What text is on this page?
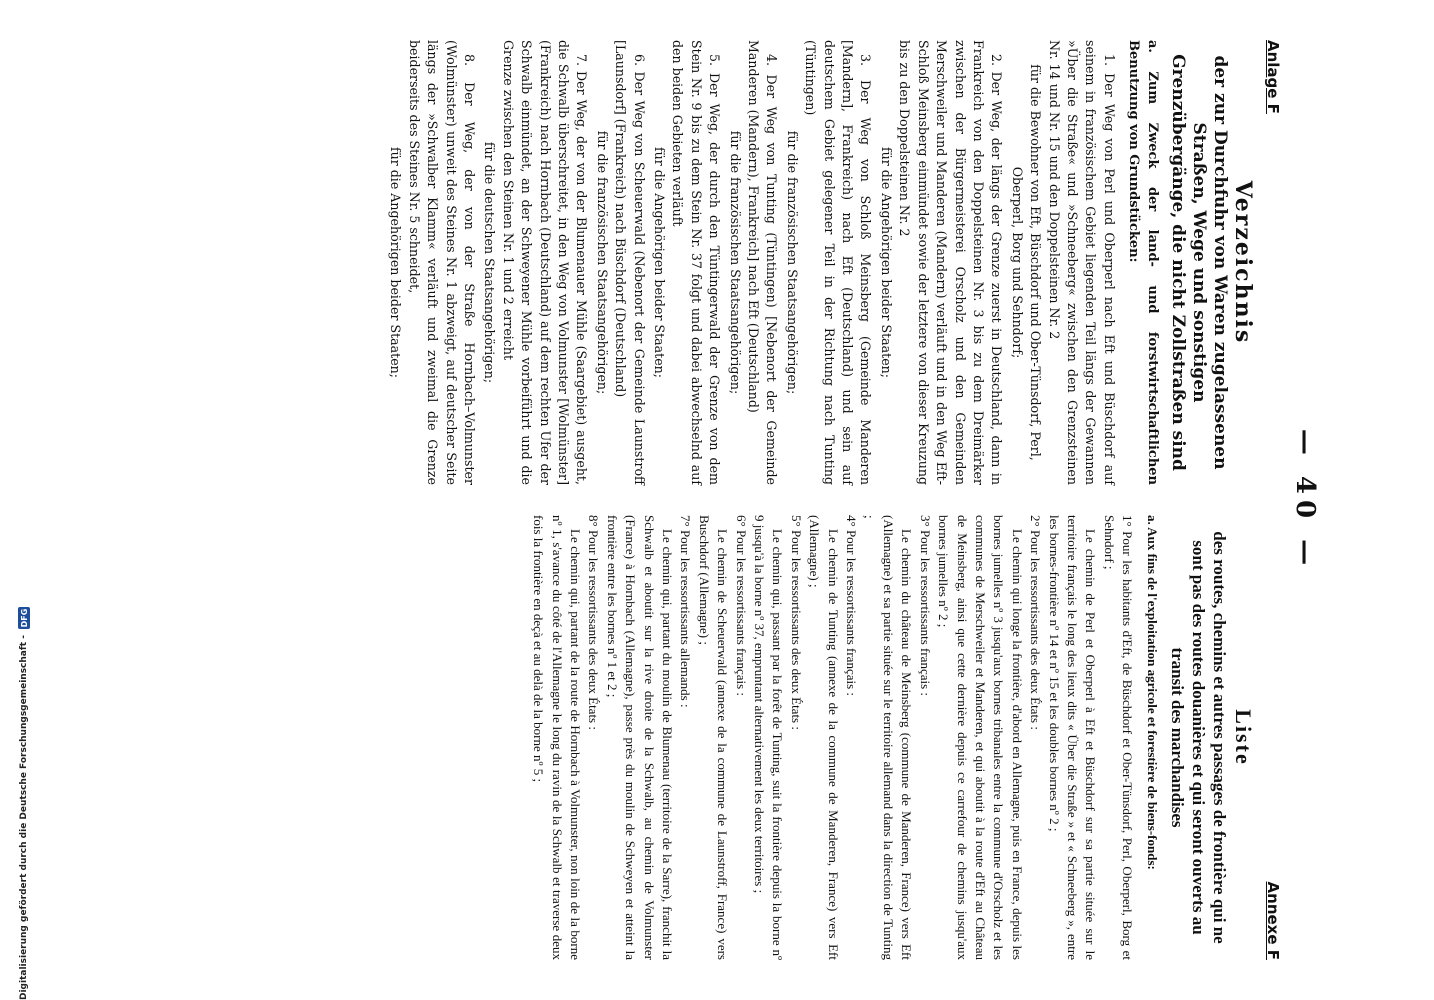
— 40 —
Anlage F
Annexe F
Verzeichnis
der zur Durchfuhr von Waren zugelassenen Straßen, Wege und sonstigen Grenzübergänge, die nicht Zollstraßen sind
a. Zum Zweck der land- und forstwirtschaftlichen Benutzung von Grundstücken:

1. Der Weg von Perl und Oberperl nach Eft und Büschdorf auf seinem in französischem Gebiet liegenden Teil längs der Gewannen »Über die Straße« und »Schneeberg« zwischen den Grenzsteinen Nr. 14 und Nr. 15 und den Doppelsteinen Nr. 2

für die Bewohner von Eft, Büschdorf und Ober-Tünsdorf, Perl, Oberperl, Borg und Sehndorf;

2. Der Weg, der längs der Grenze zuerst in Deutschland, dann in Frankreich von den Doppelsteinen Nr. 3 bis zu dem Dreimärker zwischen der Bürgermeisterei Orscholz und den Gemeinden Merschweiler und Manderen (Mandern) verläuft und in den Weg Eft-Schloß Meinsberg einmündet sowie der letztere von dieser Kreuzung bis zu den Doppelsteinen Nr. 2

für die Angehörigen beider Staaten;

3. Der Weg von Schloß Meinsberg (Gemeinde Manderen [Mandern], Frankreich) nach Eft (Deutschland) und sein auf deutschem Gebiet gelegener Teil in der Richtung nach Tunting (Tüntingen)

für die französischen Staatsangehörigen;

4. Der Weg von Tunting (Tüntingen) [Nebenort der Gemeinde Manderen (Mandern), Frankreich] nach Eft (Deutschland)

für die französischen Staatsangehörigen;

5. Der Weg, der durch den Tüntingerwald der Grenze von dem Stein Nr. 9 bis zu dem Stein Nr. 37 folgt und dabei abwechselnd auf den beiden Gebieten verläuft

für die Angehörigen beider Staaten;

6. Der Weg von Scheuerwald (Nebenort der Gemeinde Launstroff [Launsdorf] (Frankreich) nach Büschdorf (Deutschland)

für die französischen Staatsangehörigen;

7. Der Weg, der von der Blumenauer Mühle (Saargebiet) ausgeht, die Schwalb überschreitet, in den Weg von Volmunster [Wolmünster] (Frankreich) nach Hornbach (Deutschland) auf dem rechten Ufer der Schwalb einmündet, an der Schweyener Mühle vorbeiführt und die Grenze zwischen den Steinen Nr. 1 und 2 erreicht

für die deutschen Staatsangehörigen;

8. Der Weg, der von der Straße Hornbach–Volmunster (Wolmünster) unweit des Steines Nr. 1 abzweigt, auf deutscher Seite längs der »Schwalber Klamm« verläuft und zweimal die Grenze beiderseits des Steines Nr. 5 schneidet,

für die Angehörigen beider Staaten;

Liste
des routes, chemins et autres passages de frontière qui ne sont pas des routes douanières et qui seront ouverts au transit des marchandises
a. Aux fins de l'exploitation agricole et forestière de biens-fonds:

1° Pour les habitants d'Eft, de Büschdorf et Ober-Tünsdorf, Perl, Oberperl, Borg et Sehndorf ;

Le chemin de Perl et Oberperl à Eft et Büschdorf sur sa partie située sur le territoire français le long des lieux dits « Über die Straße » et « Schneeberg », entre les bornes-frontière nº 14 et nº 15 et les doubles bornes nº 2 ;

2° Pour les ressortissants des deux États :

Le chemin qui longe la frontière, d'abord en Allemagne, puis en France, depuis les bornes jumelles nº 3 jusqu'aux bornes tribanales entre la commune d'Orscholz et les communes de Merschweiler et Manderen, et qui aboutit à la route d'Eft au Château de Meinsberg, ainsi que cette dernière depuis ce carrefour de chemins jusqu'aux bornes jumelles nº 2 ;

3° Pour les ressortissants français :

Le chemin du château de Meinsberg (commune de Manderen, France) vers Eft (Allemagne) et sa partie située sur le territoire allemand dans la direction de Tunting ;

4° Pour les ressortissants français :

Le chemin de Tunting (annexe de la commune de Manderen, France) vers Eft (Allemagne) ;

5° Pour les ressortissants des deux États :

Le chemin qui, passant par la forêt de Tunting, suit la frontière depuis la borne nº 9 jusqu'à la borne nº 37, empruntant alternativement les deux territoires ;

6° Pour les ressortissants français :

Le chemin de Scheuerwald (annexe de la commune de Launstroff, France) vers Buschdorf (Allemagne) ;

7° Pour les ressortissants allemands :

Le chemin qui, partant du moulin de Blumenau (territoire de la Sarre), franchit la Schwalb et aboutit sur la rive droite de la Schwalb, au chemin de Volmunster (France) à Hornbach (Allemagne), passe près du moulin de Schweyen et atteint la frontière entre les bornes nº 1 et 2 ;

8° Pour les ressortissants des deux États :

Le chemin qui, partant de la route de Hornbach à Volmunster, non loin de la borne nº 1, s'avance du côté de l'Allemagne le long du ravin de la Schwalb et traverse deux fois la frontière en deçà et au delà de la borne nº 5 ;

Digitalisierung gefördert durch die Deutsche Forschungsgemeinschaft -
DFG
